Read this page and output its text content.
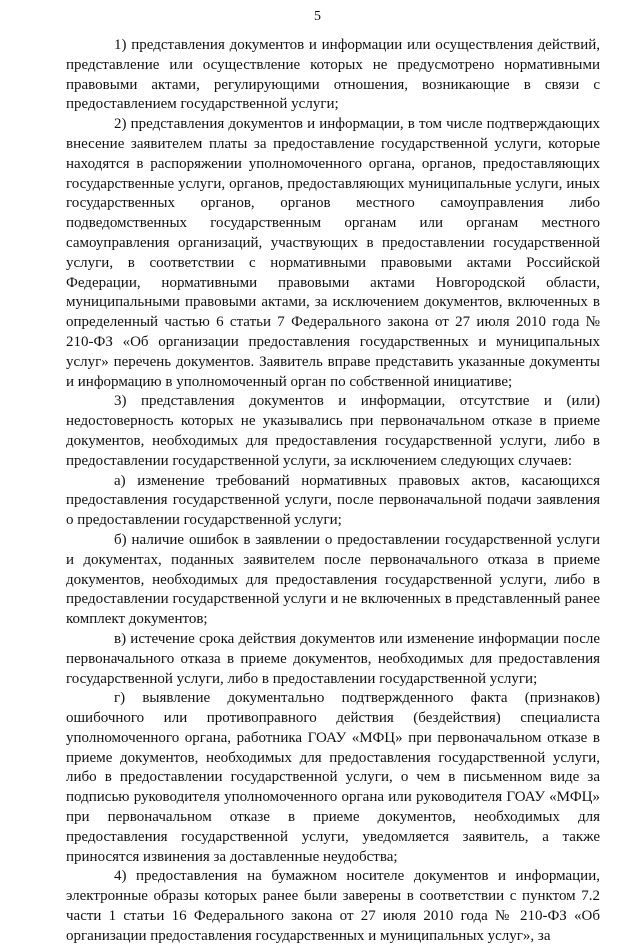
5

1) представления документов и информации или осуществления действий, представление или осуществление которых не предусмотрено нормативными правовыми актами, регулирующими отношения, возникающие в связи с предоставлением государственной услуги;

2) представления документов и информации, в том числе подтверждающих внесение заявителем платы за предоставление государственной услуги, которые находятся в распоряжении уполномоченного органа, органов, предоставляющих государственные услуги, органов, предоставляющих муниципальные услуги, иных государственных органов, органов местного самоуправления либо подведомственных государственным органам или органам местного самоуправления организаций, участвующих в предоставлении государственной услуги, в соответствии с нормативными правовыми актами Российской Федерации, нормативными правовыми актами Новгородской области, муниципальными правовыми актами, за исключением документов, включенных в определенный частью 6 статьи 7 Федерального закона от 27 июля 2010 года № 210-ФЗ «Об организации предоставления государственных и муниципальных услуг» перечень документов. Заявитель вправе представить указанные документы и информацию в уполномоченный орган по собственной инициативе;

3) представления документов и информации, отсутствие и (или) недостоверность которых не указывались при первоначальном отказе в приеме документов, необходимых для предоставления государственной услуги, либо в предоставлении государственной услуги, за исключением следующих случаев:

а) изменение требований нормативных правовых актов, касающихся предоставления государственной услуги, после первоначальной подачи заявления о предоставлении государственной услуги;

б) наличие ошибок в заявлении о предоставлении государственной услуги и документах, поданных заявителем после первоначального отказа в приеме документов, необходимых для предоставления государственной услуги, либо в предоставлении государственной услуги и не включенных в представленный ранее комплект документов;

в) истечение срока действия документов или изменение информации после первоначального отказа в приеме документов, необходимых для предоставления государственной услуги, либо в предоставлении государственной услуги;

г) выявление документально подтвержденного факта (признаков) ошибочного или противоправного действия (бездействия) специалиста уполномоченного органа, работника ГОАУ «МФЦ» при первоначальном отказе в приеме документов, необходимых для предоставления государственной услуги, либо в предоставлении государственной услуги, о чем в письменном виде за подписью руководителя уполномоченного органа или руководителя ГОАУ «МФЦ» при первоначальном отказе в приеме документов, необходимых для предоставления государственной услуги, уведомляется заявитель, а также приносятся извинения за доставленные неудобства;

4) предоставления на бумажном носителе документов и информации, электронные образы которых ранее были заверены в соответствии с пунктом 7.2 части 1 статьи 16 Федерального закона от 27 июля 2010 года № 210-ФЗ «Об организации предоставления государственных и муниципальных услуг», за
